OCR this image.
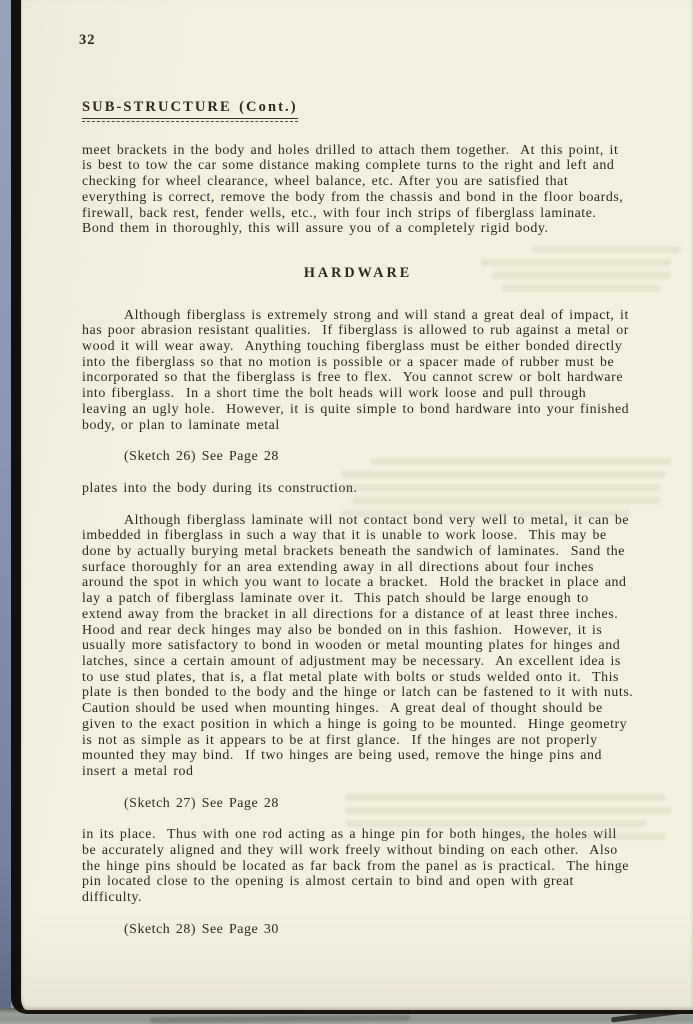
32
SUB-STRUCTURE (Cont.)

meet brackets in the body and holes drilled to attach them together.  At this point, it is best to tow the car some distance making complete turns to the right and left and checking for wheel clearance, wheel balance, etc. After you are satisfied that everything is correct, remove the body from the chassis and bond in the floor boards, firewall, back rest, fender wells, etc., with four inch strips of fiberglass laminate.  Bond them in thoroughly, this will assure you of a completely rigid body.

HARDWARE

Although fiberglass is extremely strong and will stand a great deal of impact, it has poor abrasion resistant qualities.  If fiberglass is allowed to rub against a metal or wood it will wear away.  Anything touching fiberglass must be either bonded directly into the fiberglass so that no motion is possible or a spacer made of rubber must be incorporated so that the fiberglass is free to flex.  You cannot screw or bolt hardware into fiberglass.  In a short time the bolt heads will work loose and pull through leaving an ugly hole.  However, it is quite simple to bond hardware into your finished body, or plan to laminate metal

(Sketch 26) See Page 28

plates into the body during its construction.

Although fiberglass laminate will not contact bond very well to metal, it can be imbedded in fiberglass in such a way that it is unable to work loose.  This may be done by actually burying metal brackets beneath the sandwich of laminates.  Sand the surface thoroughly for an area extending away in all directions about four inches around the spot in which you want to locate a bracket.  Hold the bracket in place and lay a patch of fiberglass laminate over it.  This patch should be large enough to extend away from the bracket in all directions for a distance of at least three inches.  Hood and rear deck hinges may also be bonded on in this fashion.  However, it is usually more satisfactory to bond in wooden or metal mounting plates for hinges and latches, since a certain amount of adjustment may be necessary.  An excellent idea is to use stud plates, that is, a flat metal plate with bolts or studs welded onto it.  This plate is then bonded to the body and the hinge or latch can be fastened to it with nuts.  Caution should be used when mounting hinges.  A great deal of thought should be given to the exact position in which a hinge is going to be mounted.  Hinge geometry is not as simple as it appears to be at first glance.  If the hinges are not properly mounted they may bind.  If two hinges are being used, remove the hinge pins and insert a metal rod

(Sketch 27) See Page 28

in its place.  Thus with one rod acting as a hinge pin for both hinges, the holes will be accurately aligned and they will work freely without binding on each other.  Also the hinge pins should be located as far back from the panel as is practical.  The hinge pin located close to the opening is almost certain to bind and open with great difficulty.

(Sketch 28) See Page 30
